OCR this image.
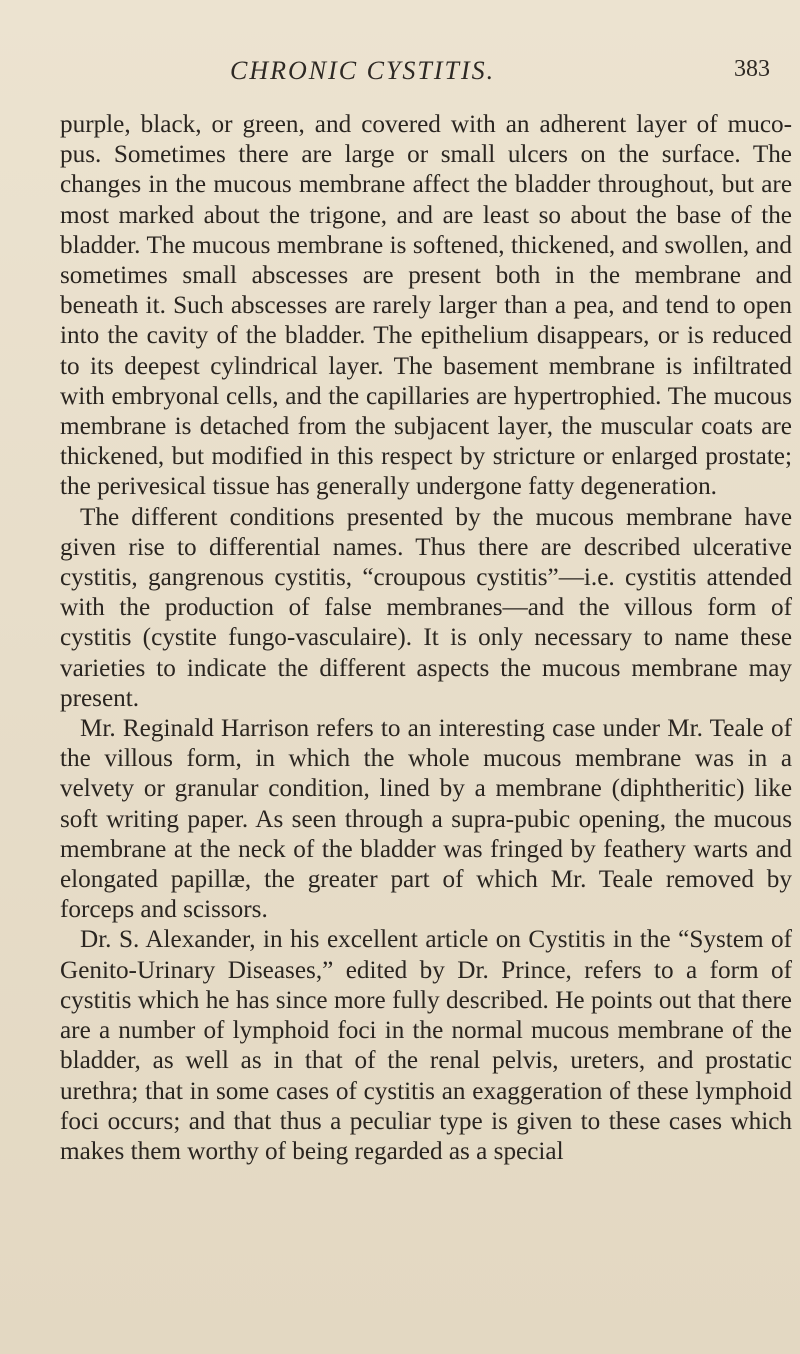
CHRONIC CYSTITIS.	383

purple, black, or green, and covered with an adherent layer of muco-pus. Sometimes there are large or small ulcers on the surface. The changes in the mucous membrane affect the bladder throughout, but are most marked about the trigone, and are least so about the base of the bladder. The mucous membrane is softened, thickened, and swollen, and sometimes small abscesses are present both in the membrane and beneath it. Such abscesses are rarely larger than a pea, and tend to open into the cavity of the bladder. The epithelium disappears, or is reduced to its deepest cylindrical layer. The basement membrane is infiltrated with embryonal cells, and the capillaries are hypertrophied. The mucous membrane is detached from the subjacent layer, the muscular coats are thickened, but modified in this respect by stricture or enlarged prostate; the perivesical tissue has generally undergone fatty degeneration.

The different conditions presented by the mucous membrane have given rise to differential names. Thus there are described ulcerative cystitis, gangrenous cystitis, “croupous cystitis”—i.e. cystitis attended with the production of false membranes—and the villous form of cystitis (cystite fungo-vasculaire). It is only necessary to name these varieties to indicate the different aspects the mucous membrane may present.

Mr. Reginald Harrison refers to an interesting case under Mr. Teale of the villous form, in which the whole mucous membrane was in a velvety or granular condition, lined by a membrane (diphtheritic) like soft writing paper. As seen through a supra-pubic opening, the mucous membrane at the neck of the bladder was fringed by feathery warts and elongated papillæ, the greater part of which Mr. Teale removed by forceps and scissors.

Dr. S. Alexander, in his excellent article on Cystitis in the “System of Genito-Urinary Diseases,” edited by Dr. Prince, refers to a form of cystitis which he has since more fully described. He points out that there are a number of lymphoid foci in the normal mucous membrane of the bladder, as well as in that of the renal pelvis, ureters, and prostatic urethra; that in some cases of cystitis an exaggeration of these lymphoid foci occurs; and that thus a peculiar type is given to these cases which makes them worthy of being regarded as a special
